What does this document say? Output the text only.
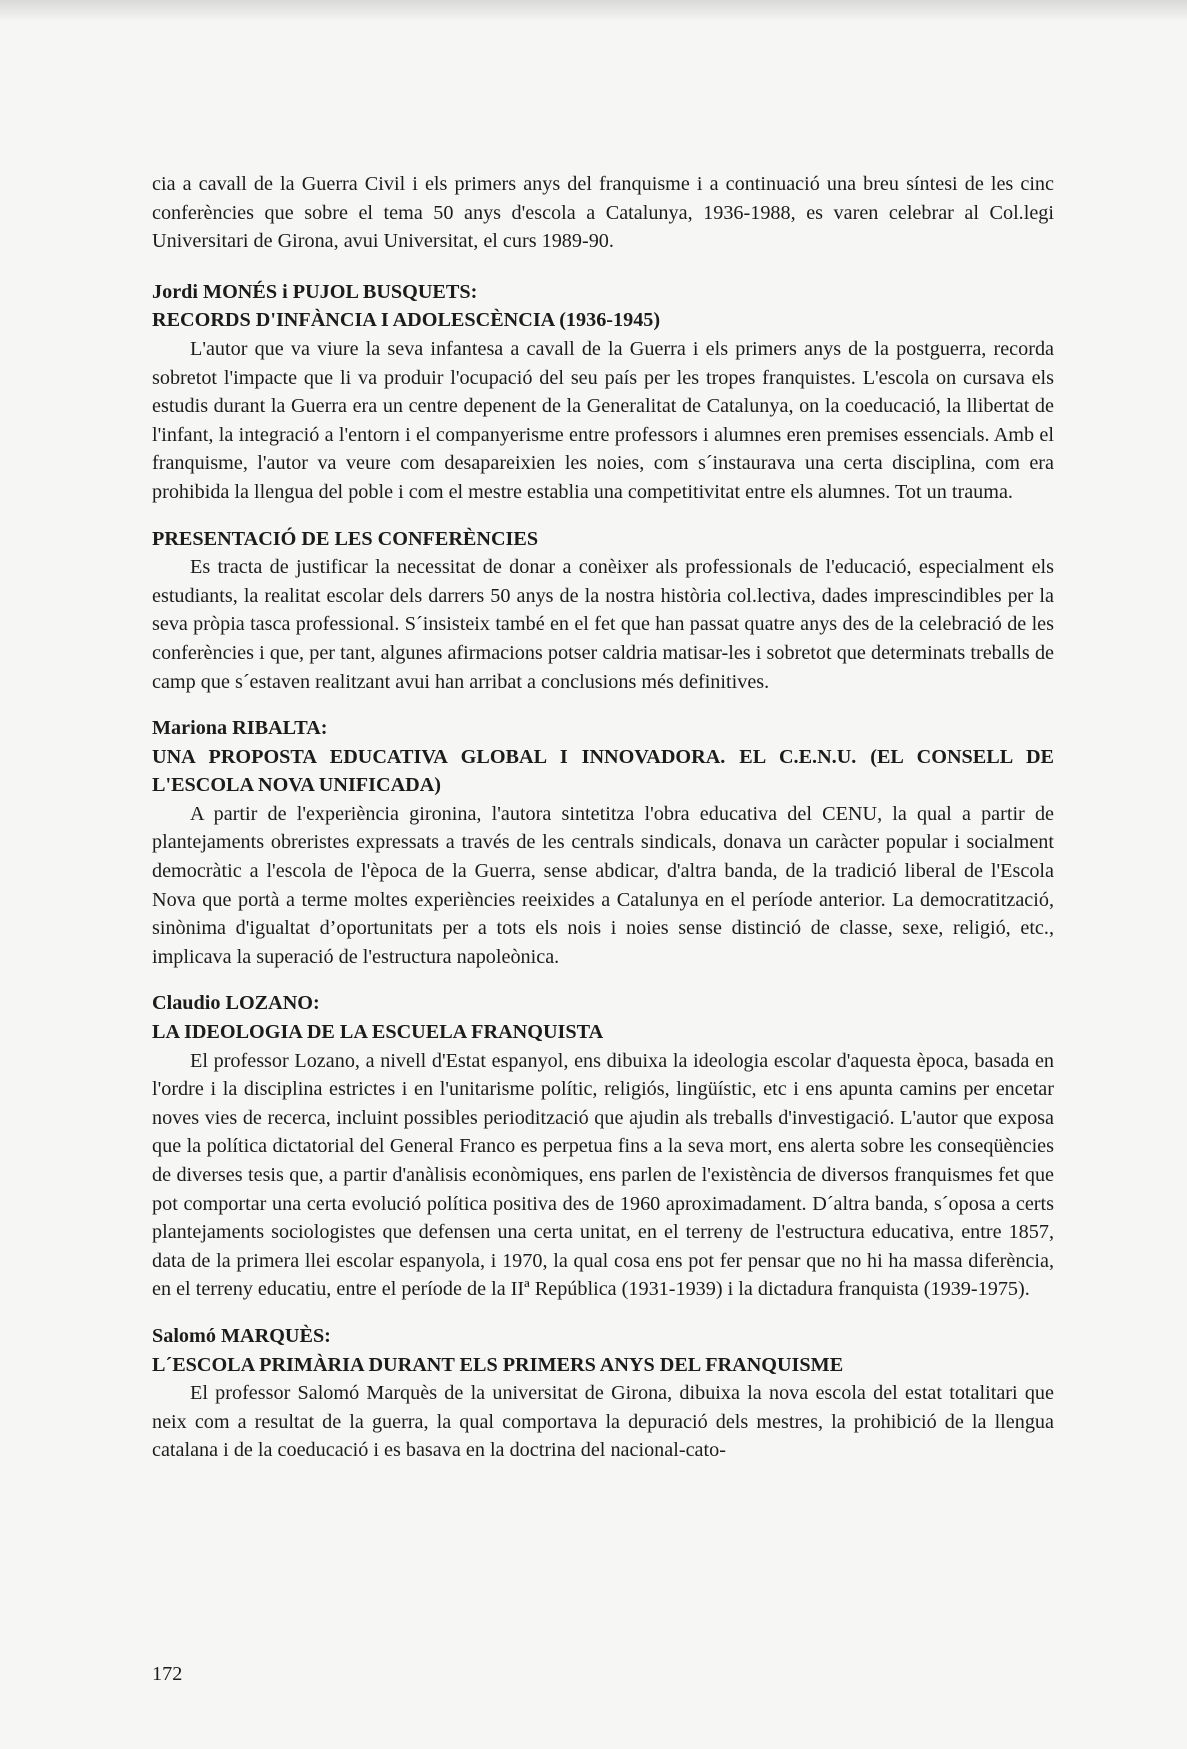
cia a cavall de la Guerra Civil i els primers anys del franquisme i a continuació una breu síntesi de les cinc conferències que sobre el tema 50 anys d'escola a Catalunya, 1936-1988, es varen celebrar al Col.legi Universitari de Girona, avui Universitat, el curs 1989-90.

Jordi MONÉS i PUJOL BUSQUETS:

RECORDS D'INFÀNCIA I ADOLESCÈNCIA (1936-1945)

L'autor que va viure la seva infantesa a cavall de la Guerra i els primers anys de la postguerra, recorda sobretot l'impacte que li va produir l'ocupació del seu país per les tropes franquistes. L'escola on cursava els estudis durant la Guerra era un centre depenent de la Generalitat de Catalunya, on la coeducació, la llibertat de l'infant, la integració a l'entorn i el companyerisme entre professors i alumnes eren premises essencials. Amb el franquisme, l'autor va veure com desapareixien les noies, com s´instaurava una certa disciplina, com era prohibida la llengua del poble i com el mestre establia una competitivitat entre els alumnes. Tot un trauma.

PRESENTACIÓ DE LES CONFERÈNCIES

Es tracta de justificar la necessitat de donar a conèixer als professionals de l'educació, especialment els estudiants, la realitat escolar dels darrers 50 anys de la nostra història col.lectiva, dades imprescindibles per la seva pròpia tasca professional. S´insisteix també en el fet que han passat quatre anys des de la celebració de les conferències i que, per tant, algunes afirmacions potser caldria matisar-les i sobretot que determinats treballs de camp que s´estaven realitzant avui han arribat a conclusions més definitives.

Mariona RIBALTA:

UNA PROPOSTA EDUCATIVA GLOBAL I INNOVADORA. EL C.E.N.U. (EL CONSELL DE L'ESCOLA NOVA UNIFICADA)

A partir de l'experiència gironina, l'autora sintetitza l'obra educativa del CENU, la qual a partir de plantejaments obreristes expressats a través de les centrals sindicals, donava un caràcter popular i socialment democràtic a l'escola de l'època de la Guerra, sense abdicar, d'altra banda, de la tradició liberal de l'Escola Nova que portà a terme moltes experiències reeixides a Catalunya en el període anterior. La democratització, sinònima d'igualtat d’oportunitats per a tots els nois i noies sense distinció de classe, sexe, religió, etc., implicava la superació de l'estructura napoleònica.

Claudio LOZANO:

LA IDEOLOGIA DE LA ESCUELA FRANQUISTA

El professor Lozano, a nivell d'Estat espanyol, ens dibuixa la ideologia escolar d'aquesta època, basada en l'ordre i la disciplina estrictes i en l'unitarisme polític, religiós, lingüístic, etc i ens apunta camins per encetar noves vies de recerca, incluint possibles periodització que ajudin als treballs d'investigació. L'autor que exposa que la política dictatorial del General Franco es perpetua fins a la seva mort, ens alerta sobre les conseqüències de diverses tesis que, a partir d'anàlisis econòmiques, ens parlen de l'existència de diversos franquismes fet que pot comportar una certa evolució política positiva des de 1960 aproximadament. D´altra banda, s´oposa a certs plantejaments sociologistes que defensen una certa unitat, en el terreny de l'estructura educativa, entre 1857, data de la primera llei escolar espanyola, i 1970, la qual cosa ens pot fer pensar que no hi ha massa diferència, en el terreny educatiu, entre el període de la IIª República (1931-1939) i la dictadura franquista (1939-1975).

Salomó MARQUÈS:

L´ESCOLA PRIMÀRIA DURANT ELS PRIMERS ANYS DEL FRANQUISME

El professor Salomó Marquès de la universitat de Girona, dibuixa la nova escola del estat totalitari que neix com a resultat de la guerra, la qual comportava la depuració dels mestres, la prohibició de la llengua catalana i de la coeducació i es basava en la doctrina del nacional-cato-

172
